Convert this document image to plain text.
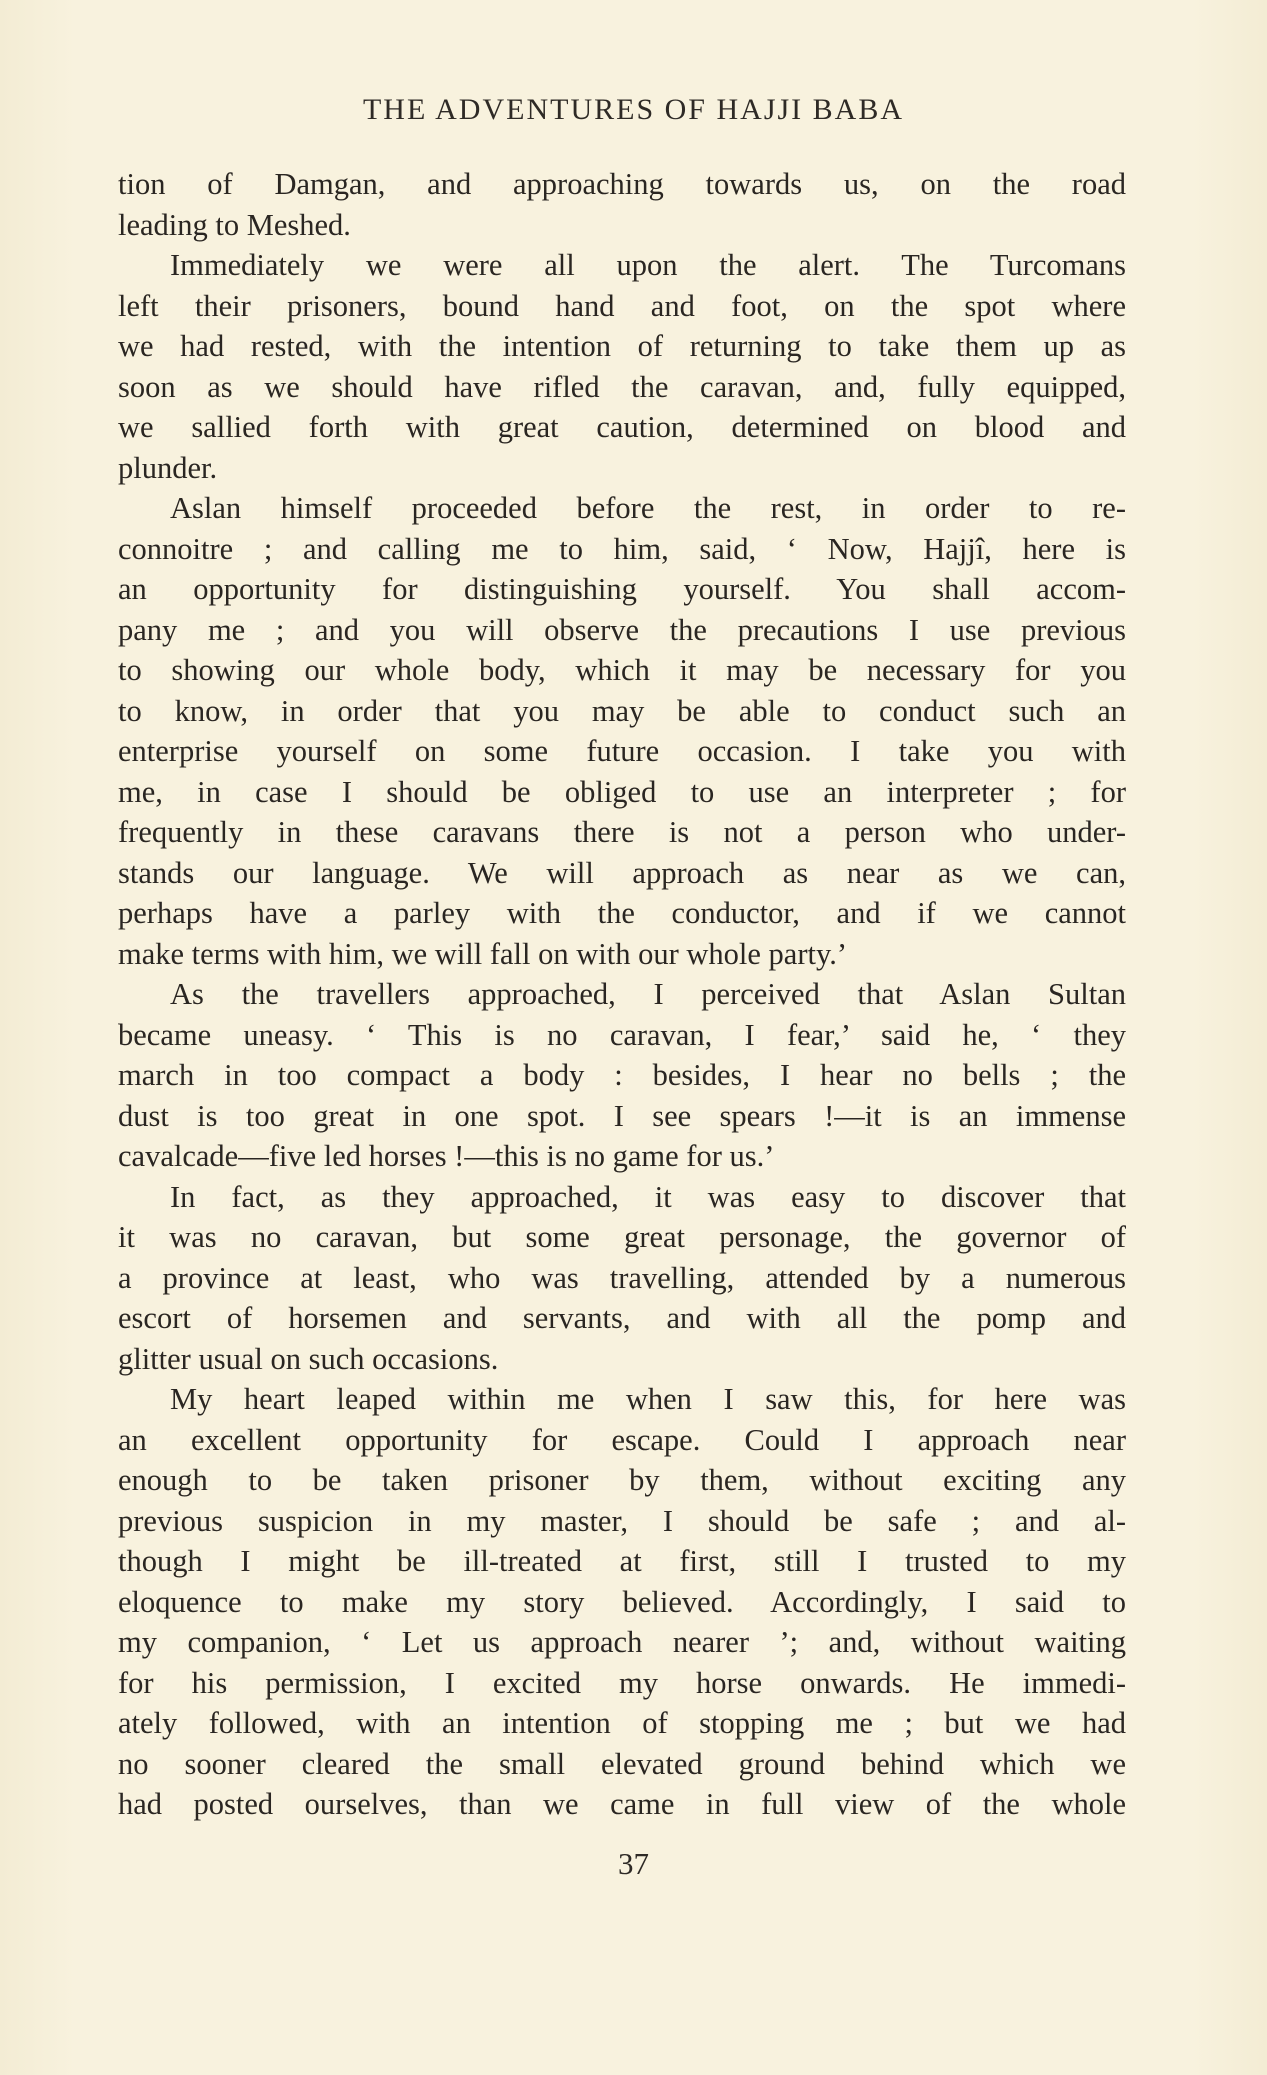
THE ADVENTURES OF HAJJI BABA
tion of Damgan, and approaching towards us, on the road
leading to Meshed.
Immediately we were all upon the alert. The Turcomans
left their prisoners, bound hand and foot, on the spot where
we had rested, with the intention of returning to take them up as
soon as we should have rifled the caravan, and, fully equipped,
we sallied forth with great caution, determined on blood and
plunder.
Aslan himself proceeded before the rest, in order to re-
connoitre ; and calling me to him, said, ‘ Now, Hajjî, here is
an opportunity for distinguishing yourself. You shall accom-
pany me ; and you will observe the precautions I use previous
to showing our whole body, which it may be necessary for you
to know, in order that you may be able to conduct such an
enterprise yourself on some future occasion. I take you with
me, in case I should be obliged to use an interpreter ; for
frequently in these caravans there is not a person who under-
stands our language. We will approach as near as we can,
perhaps have a parley with the conductor, and if we cannot
make terms with him, we will fall on with our whole party.’
As the travellers approached, I perceived that Aslan Sultan
became uneasy. ‘ This is no caravan, I fear,’ said he, ‘ they
march in too compact a body : besides, I hear no bells ; the
dust is too great in one spot. I see spears !—it is an immense
cavalcade—five led horses !—this is no game for us.’
In fact, as they approached, it was easy to discover that
it was no caravan, but some great personage, the governor of
a province at least, who was travelling, attended by a numerous
escort of horsemen and servants, and with all the pomp and
glitter usual on such occasions.
My heart leaped within me when I saw this, for here was
an excellent opportunity for escape. Could I approach near
enough to be taken prisoner by them, without exciting any
previous suspicion in my master, I should be safe ; and al-
though I might be ill-treated at first, still I trusted to my
eloquence to make my story believed. Accordingly, I said to
my companion, ‘ Let us approach nearer ’; and, without waiting
for his permission, I excited my horse onwards. He immedi-
ately followed, with an intention of stopping me ; but we had
no sooner cleared the small elevated ground behind which we
had posted ourselves, than we came in full view of the whole
37
